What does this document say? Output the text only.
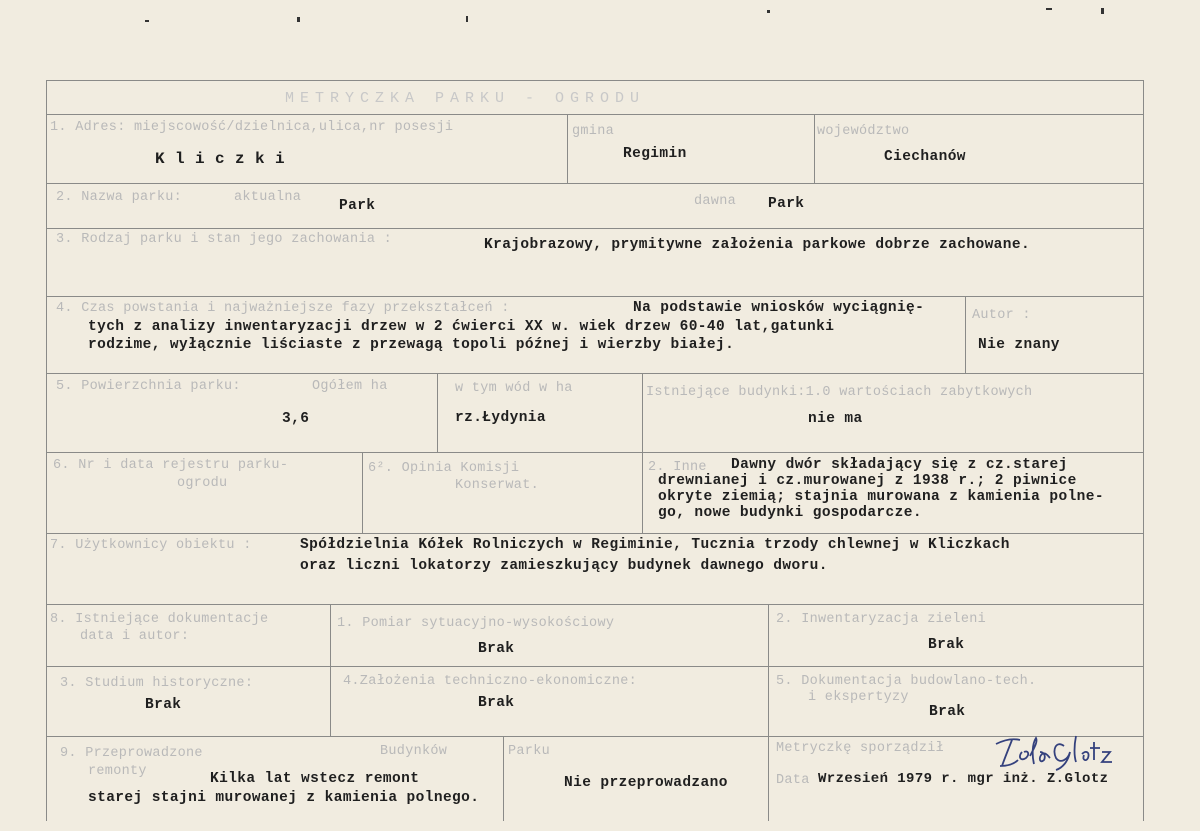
METRYCZKA PARKU - OGRODU
1. Adres: miejscowość/dzielnica,ulica,nr posesji
K l i c z k i
gmina
Regimin
województwo
Ciechanów
2. Nazwa parku:	aktualna
Park	dawna Park
3. Rodzaj parku i stan jego zachowania :	Krajobrazowy, prymitywne założenia parkowe dobrze zachowane.
4. Czas powstania i najważniejsze fazy przekształceń :	Na podstawie wniosków wyciągnię-
tych z analizy inwentaryzacji drzew w 2 ćwierci XX w. wiek drzew 60-40 lat,gatunki
rodzime, wyłącznie liściaste z przewagą topoli późnej i wierzby białej.
Autor :
Nie znany
5. Powierzchnia parku:	Ogółem ha
3,6
w tym wód w ha
rz.Łydynia
Istniejące budynki:1.0 wartościach zabytkowych
nie ma
6. Nr i data rejestru parku-
ogrodu
6². Opinia Komisji
Konserwat.
2. Inne Dawny dwór składający się z cz.starej
drewnianej i cz.murowanej z 1938 r.; 2 piwnice
okryte ziemią; stajnia murowana z kamienia polne-
go, nowe budynki gospodarcze.
7. Użytkownicy obiektu :	Spółdzielnia Kółek Rolniczych w Regiminie, Tucznia trzody chlewnej w Kliczkach
oraz liczni lokatorzy zamieszkujący budynek dawnego dworu.
8. Istniejące dokumentacje
data i autor:
1. Pomiar sytuacyjno-wysokościowy
Brak
2. Inwentaryzacja zieleni
Brak
3. Studium historyczne:
Brak
4.Założenia techniczno-ekonomiczne:
Brak
5. Dokumentacja budowlano-tech.
i ekspertyzy
Brak
9. Przeprowadzone
remonty
Budynków
Kilka lat wstecz remont
starej stajni murowanej z kamienia polnego.
Parku
Nie przeprowadzano
Metryczkę sporządził
Data Wrzesień 1979 r. mgr inż. Z.Glotz
